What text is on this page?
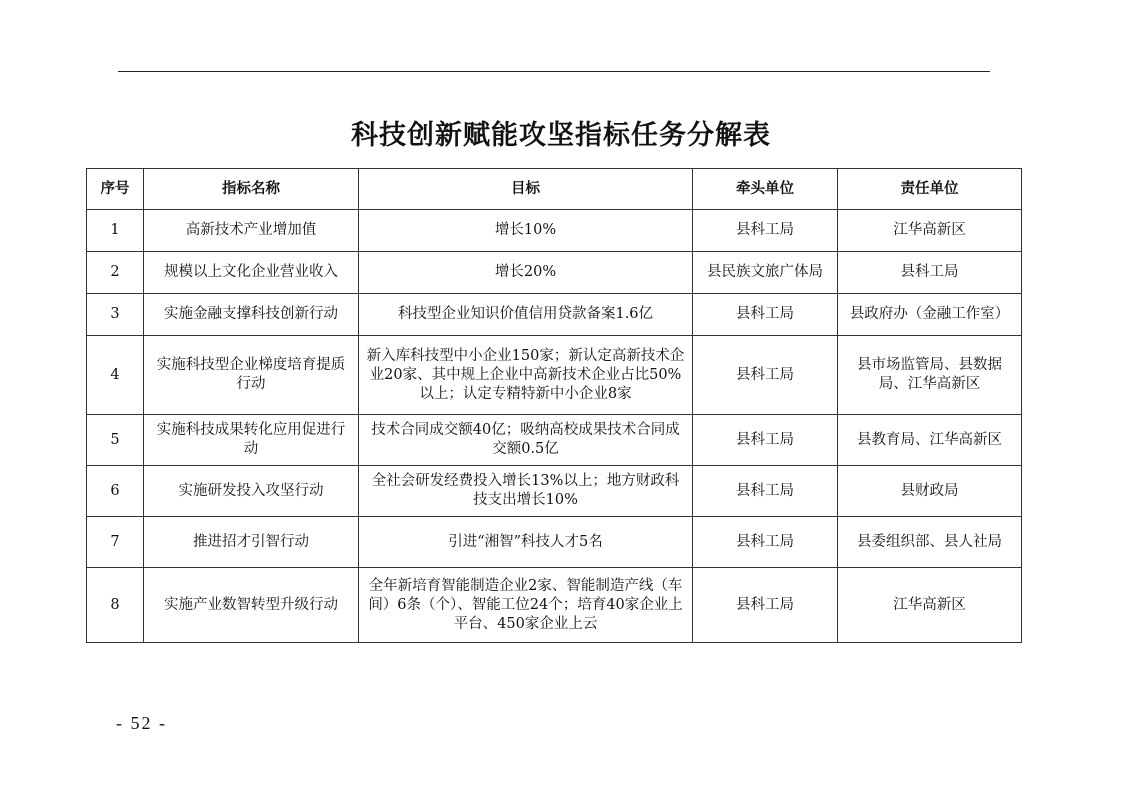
科技创新赋能攻坚指标任务分解表
序号	指标名称	目标	牵头单位	责任单位
1	高新技术产业增加值	增长10%	县科工局	江华高新区
2	规模以上文化企业营业收入	增长20%	县民族文旅广体局	县科工局
3	实施金融支撑科技创新行动	科技型企业知识价值信用贷款备案1.6亿	县科工局	县政府办（金融工作室）
4	实施科技型企业梯度培育提质行动	新入库科技型中小企业150家；新认定高新技术企业20家、其中规上企业中高新技术企业占比50%以上；认定专精特新中小企业8家	县科工局	县市场监管局、县数据局、江华高新区
5	实施科技成果转化应用促进行动	技术合同成交额40亿；吸纳高校成果技术合同成交额0.5亿	县科工局	县教育局、江华高新区
6	实施研发投入攻坚行动	全社会研发经费投入增长13%以上；地方财政科技支出增长10%	县科工局	县财政局
7	推进招才引智行动	引进“湘智”科技人才5名	县科工局	县委组织部、县人社局
8	实施产业数智转型升级行动	全年新培育智能制造企业2家、智能制造产线（车间）6条（个）、智能工位24个；培育40家企业上平台、450家企业上云	县科工局	江华高新区
- 52 -
